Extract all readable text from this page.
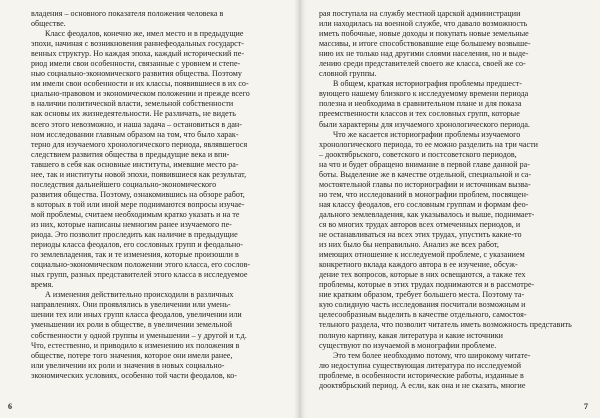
владения – основного показателя положения человека в
обществе.
Класс феодалов, конечно же, имел место и в предыдущие
эпохи, начиная с возникновения раннефеодальных государст-
венных структур. Но каждая эпоха, каждый исторический пе-
риод имели свои особенности, связанные с уровнем и степе-
нью социально-экономического развития общества. Поэтому
им имели свои особенности и их классы, появившиеся в их со-
циально-правовом и экономическом положении и прежде всего
в наличии политической власти, земельной собственности
как основы их жизнедеятельности. Не различать, не видеть
всего этого невозможно, и наша задача – остановиться в дан-
ном исследовании главным образом на том, что было харак-
терно для изучаемого хронологического периода, являвшегося
следствием развития общества в предыдущие века и впи-
тавшего в себя как основные институты, имевшие место ра-
нее, так и институты новой эпохи, появившиеся как результат,
последствия дальнейшего социально-экономического
развития общества. Поэтому, ознакомившись на обзоре работ,
в которых в той или иной мере поднимаются вопросы изучае-
мой проблемы, считаем необходимым кратко указать и на те
из них, которые написаны немногим ранее изучаемого пе-
риода. Это позволит проследить как наличие в предыдущие
периоды класса феодалов, его сословных групп и феодально-
го землевладения, так и те изменения, которые произошли в
социально-экономическом положении этого класса, его сослов-
ных групп, разных представителей этого класса в исследуемое
время.
А изменения действительно происходили в различных
направлениях. Они проявлялись в увеличении или умень-
шении тех или иных групп класса феодалов, увеличении или
уменьшении их роли в обществе, в увеличении земельной
собственности у одной группы и уменьшении – у другой и т.д.
Что, естественно, и приводило к изменению их положения в
обществе, потере того значения, которое они имели ранее,
или увеличении их роли и значения в новых социально-
экономических условиях, особенно той части феодалов, ко-
6
рая поступала на службу местной царской администрации
или находилась на военной службе, что давало возможность
иметь побочные, новые доходы и покупать новые земельные
массивы, и итоге способствовавшие еще большему возвыше-
нию их не только над другими слоями населения, но и выде-
лению среди представителей своего же класса, своей же со-
словной группы.
В общем, краткая историография проблемы предшест-
вующего нашему близкого к исследуемому времени периода
полезна и необходима в сравнительном плане и для показа
преемственности классов и тех сословных групп, которые
были характерны для изучаемого хронологического периода.
Что же касается историографии проблемы изучаемого
хронологического периода, то ее можно разделить на три части
– дооктябрьского, советского и постсоветского периодов,
на что и будет обращено внимание в первой главе данной ра-
боты. Выделение же в качестве отдельной, специальной и са-
мостоятельной главы по историографии и источникам вызва-
но тем, что исследований в монографии проблем, посвящен-
ная классу феодалов, его сословным группам и формам фео-
дального землевладения, как указывалось и выше, поднимает-
ся во многих трудах авторов всех отмеченных периодов, и
не останавливаться на всех этих трудах, упустить какие-то
из них было бы неправильно. Анализ же всех работ,
имеющих отношение к исследуемой проблеме, с указанием
конкретного вклада каждого автора в ее изучение, обсуж-
дение тех вопросов, которые в них освещаются, а также тех
проблемы, которые в этих трудах поднимаются и в рассмотре-
ние кратким образом, требует большего места. Поэтому та-
кую солидную часть исследования посчитали возможным и
целесообразным выделить в качестве отдельного, самостоя-
тельного раздела, что позволит читатель иметь возможность представить
полную картину, какая литература и какие источники
существуют по изучаемой в монографии проблеме.
Это тем более необходимо потому, что широкому читате-
лю недоступна существующая литература по исследуемой
проблеме, в особенности исторические работы, изданные в
дооктябрьский период. А если, как она и не сказать, многие
7
